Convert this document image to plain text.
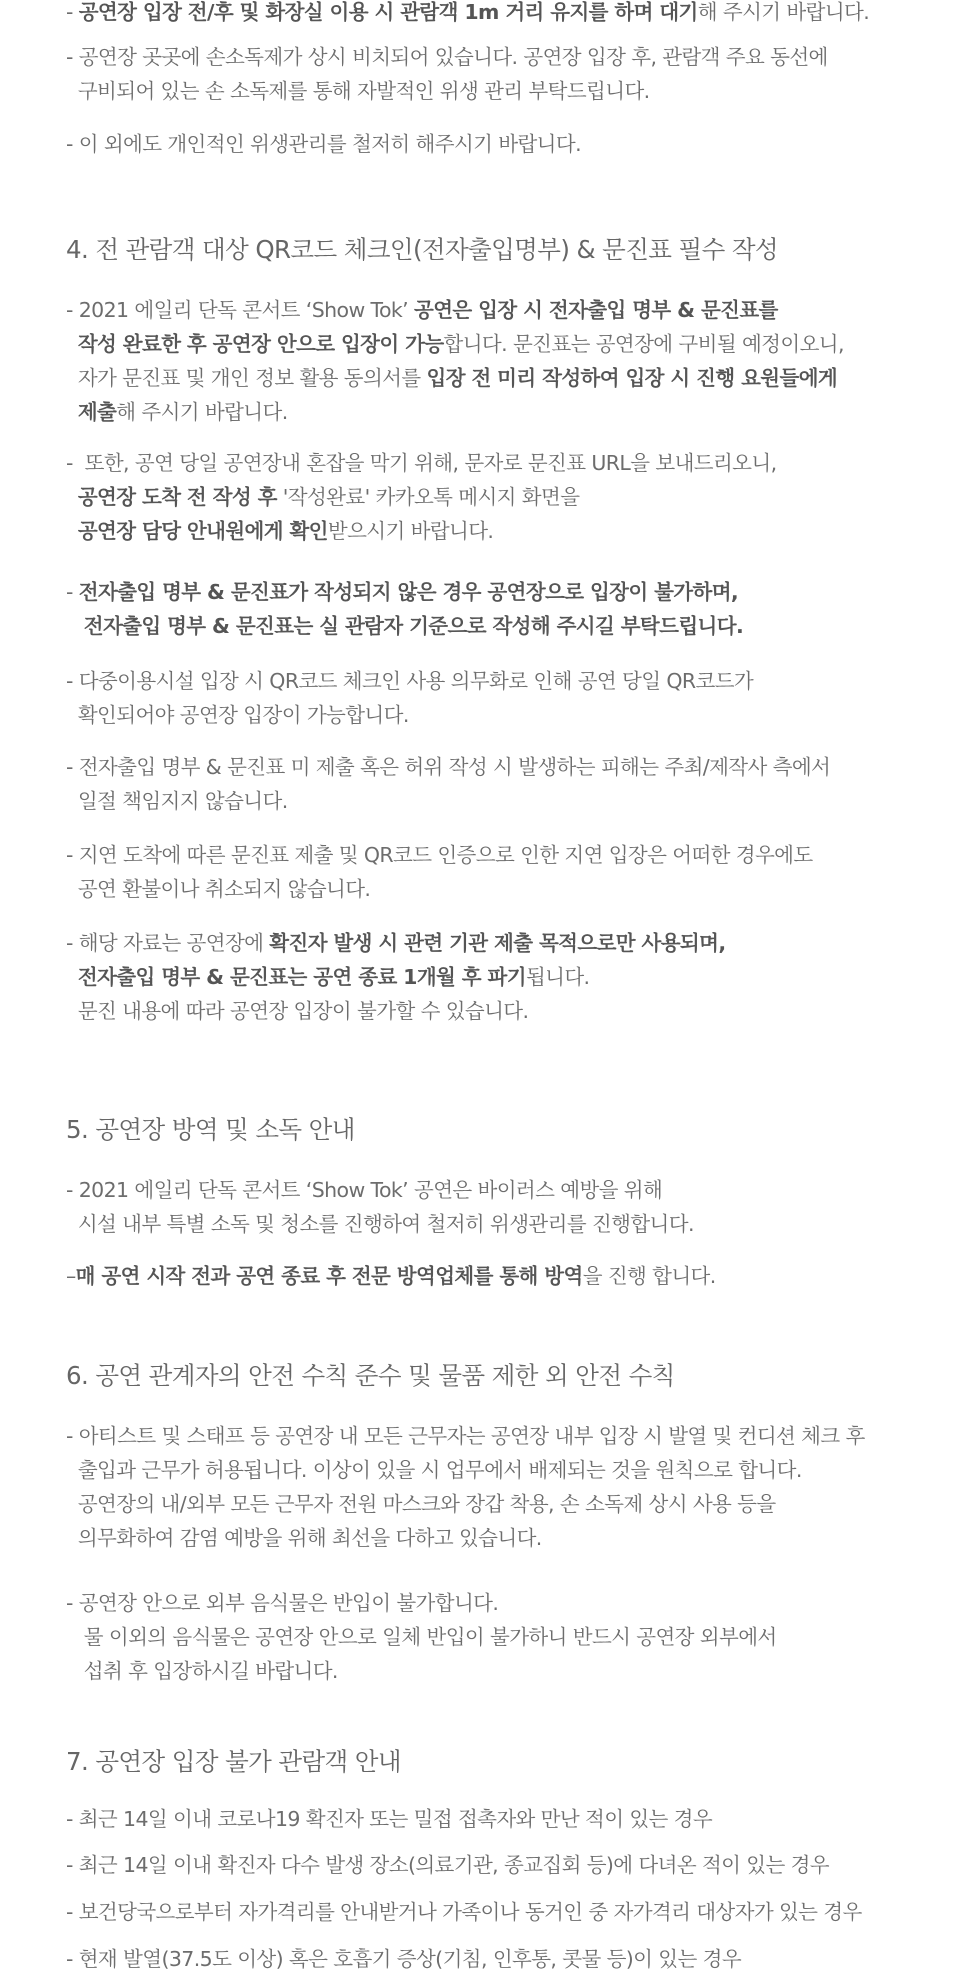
- 공연장 입장 전/후 및 화장실 이용 시 관람객 1m 거리 유지를 하며 대기해 주시기 바랍니다.
- 공연장 곳곳에 손소독제가 상시 비치되어 있습니다. 공연장 입장 후, 관람객 주요 동선에
구비되어 있는 손 소독제를 통해 자발적인 위생 관리 부탁드립니다.
- 이 외에도 개인적인 위생관리를 철저히 해주시기 바랍니다.
4. 전 관람객 대상 QR코드 체크인(전자출입명부) & 문진표 필수 작성
- 2021 에일리 단독 콘서트 ‘Show Tok’ 공연은 입장 시 전자출입 명부 & 문진표를
작성 완료한 후 공연장 안으로 입장이 가능합니다. 문진표는 공연장에 구비될 예정이오니,
자가 문진표 및 개인 정보 활용 동의서를 입장 전 미리 작성하여 입장 시 진행 요원들에게
제출해 주시기 바랍니다.
-  또한, 공연 당일 공연장내 혼잡을 막기 위해, 문자로 문진표 URL을 보내드리오니,
공연장 도착 전 작성 후 '작성완료' 카카오톡 메시지 화면을
공연장 담당 안내원에게 확인받으시기 바랍니다.
- 전자출입 명부 & 문진표가 작성되지 않은 경우 공연장으로 입장이 불가하며,
전자출입 명부 & 문진표는 실 관람자 기준으로 작성해 주시길 부탁드립니다.
- 다중이용시설 입장 시 QR코드 체크인 사용 의무화로 인해 공연 당일 QR코드가
확인되어야 공연장 입장이 가능합니다.
- 전자출입 명부 & 문진표 미 제출 혹은 허위 작성 시 발생하는 피해는 주최/제작사 측에서
일절 책임지지 않습니다.
- 지연 도착에 따른 문진표 제출 및 QR코드 인증으로 인한 지연 입장은 어떠한 경우에도
공연 환불이나 취소되지 않습니다.
- 해당 자료는 공연장에 확진자 발생 시 관련 기관 제출 목적으로만 사용되며,
전자출입 명부 & 문진표는 공연 종료 1개월 후 파기됩니다.
문진 내용에 따라 공연장 입장이 불가할 수 있습니다.
5. 공연장 방역 및 소독 안내
- 2021 에일리 단독 콘서트 ‘Show Tok’ 공연은 바이러스 예방을 위해
시설 내부 특별 소독 및 청소를 진행하여 철저히 위생관리를 진행합니다.
–매 공연 시작 전과 공연 종료 후 전문 방역업체를 통해 방역을 진행 합니다.
6. 공연 관계자의 안전 수칙 준수 및 물품 제한 외 안전 수칙
- 아티스트 및 스태프 등 공연장 내 모든 근무자는 공연장 내부 입장 시 발열 및 컨디션 체크 후
출입과 근무가 허용됩니다. 이상이 있을 시 업무에서 배제되는 것을 원칙으로 합니다.
공연장의 내/외부 모든 근무자 전원 마스크와 장갑 착용, 손 소독제 상시 사용 등을
의무화하여 감염 예방을 위해 최선을 다하고 있습니다.
- 공연장 안으로 외부 음식물은 반입이 불가합니다.
물 이외의 음식물은 공연장 안으로 일체 반입이 불가하니 반드시 공연장 외부에서
섭취 후 입장하시길 바랍니다.
7. 공연장 입장 불가 관람객 안내
- 최근 14일 이내 코로나19 확진자 또는 밀접 접촉자와 만난 적이 있는 경우
- 최근 14일 이내 확진자 다수 발생 장소(의료기관, 종교집회 등)에 다녀온 적이 있는 경우
- 보건당국으로부터 자가격리를 안내받거나 가족이나 동거인 중 자가격리 대상자가 있는 경우
- 현재 발열(37.5도 이상) 혹은 호흡기 증상(기침, 인후통, 콧물 등)이 있는 경우
